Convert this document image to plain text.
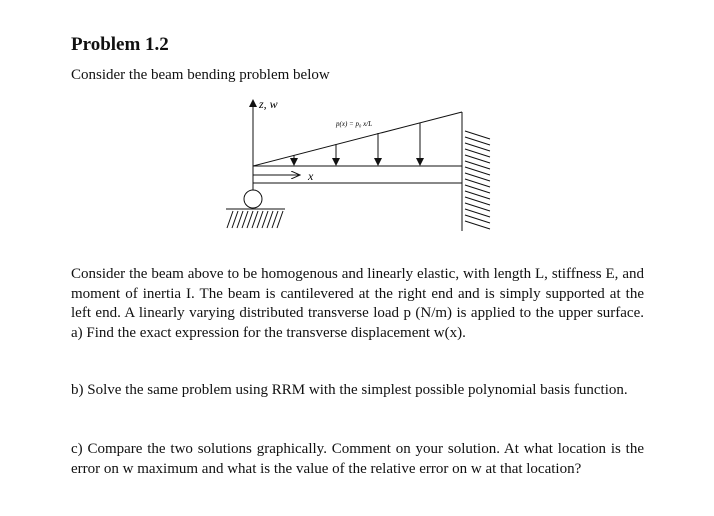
Problem 1.2

Consider the beam bending problem below

z, w
x
p(x) = p₀ x/L

Consider the beam above to be homogenous and linearly elastic, with length L, stiffness E, and moment of inertia I. The beam is cantilevered at the right end and is simply supported at the left end. A linearly varying distributed transverse load p (N/m) is applied to the upper surface. a) Find the exact expression for the transverse displacement w(x).

b) Solve the same problem using RRM with the simplest possible polynomial basis function.

c) Compare the two solutions graphically. Comment on your solution. At what location is the error on w maximum and what is the value of the relative error on w at that location?
